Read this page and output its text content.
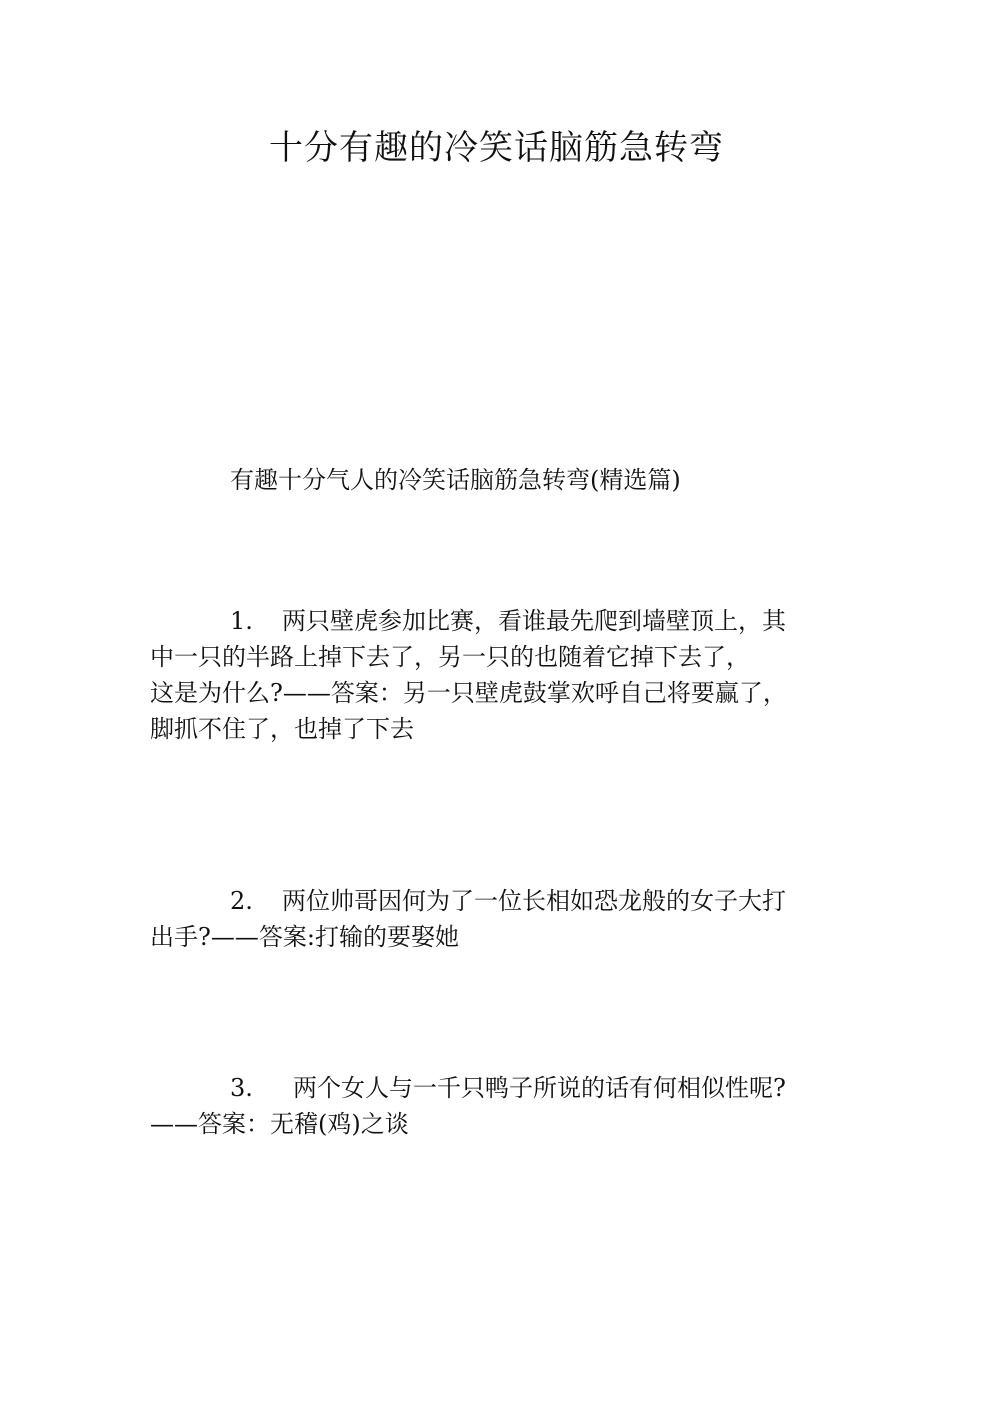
十分有趣的冷笑话脑筋急转弯
有趣十分气人的冷笑话脑筋急转弯(精选篇)

1. 两只壁虎参加比赛，看谁最先爬到墙壁顶上，其

中一只的半路上掉下去了，另一只的也随着它掉下去了，

这是为什么?——答案：另一只壁虎鼓掌欢呼自己将要赢了，

脚抓不住了，也掉了下去

2. 两位帅哥因何为了一位长相如恐龙般的女子大打

出手?——答案:打输的要娶她

3. 两个女人与一千只鸭子所说的话有何相似性呢?

——答案：无稽(鸡)之谈
